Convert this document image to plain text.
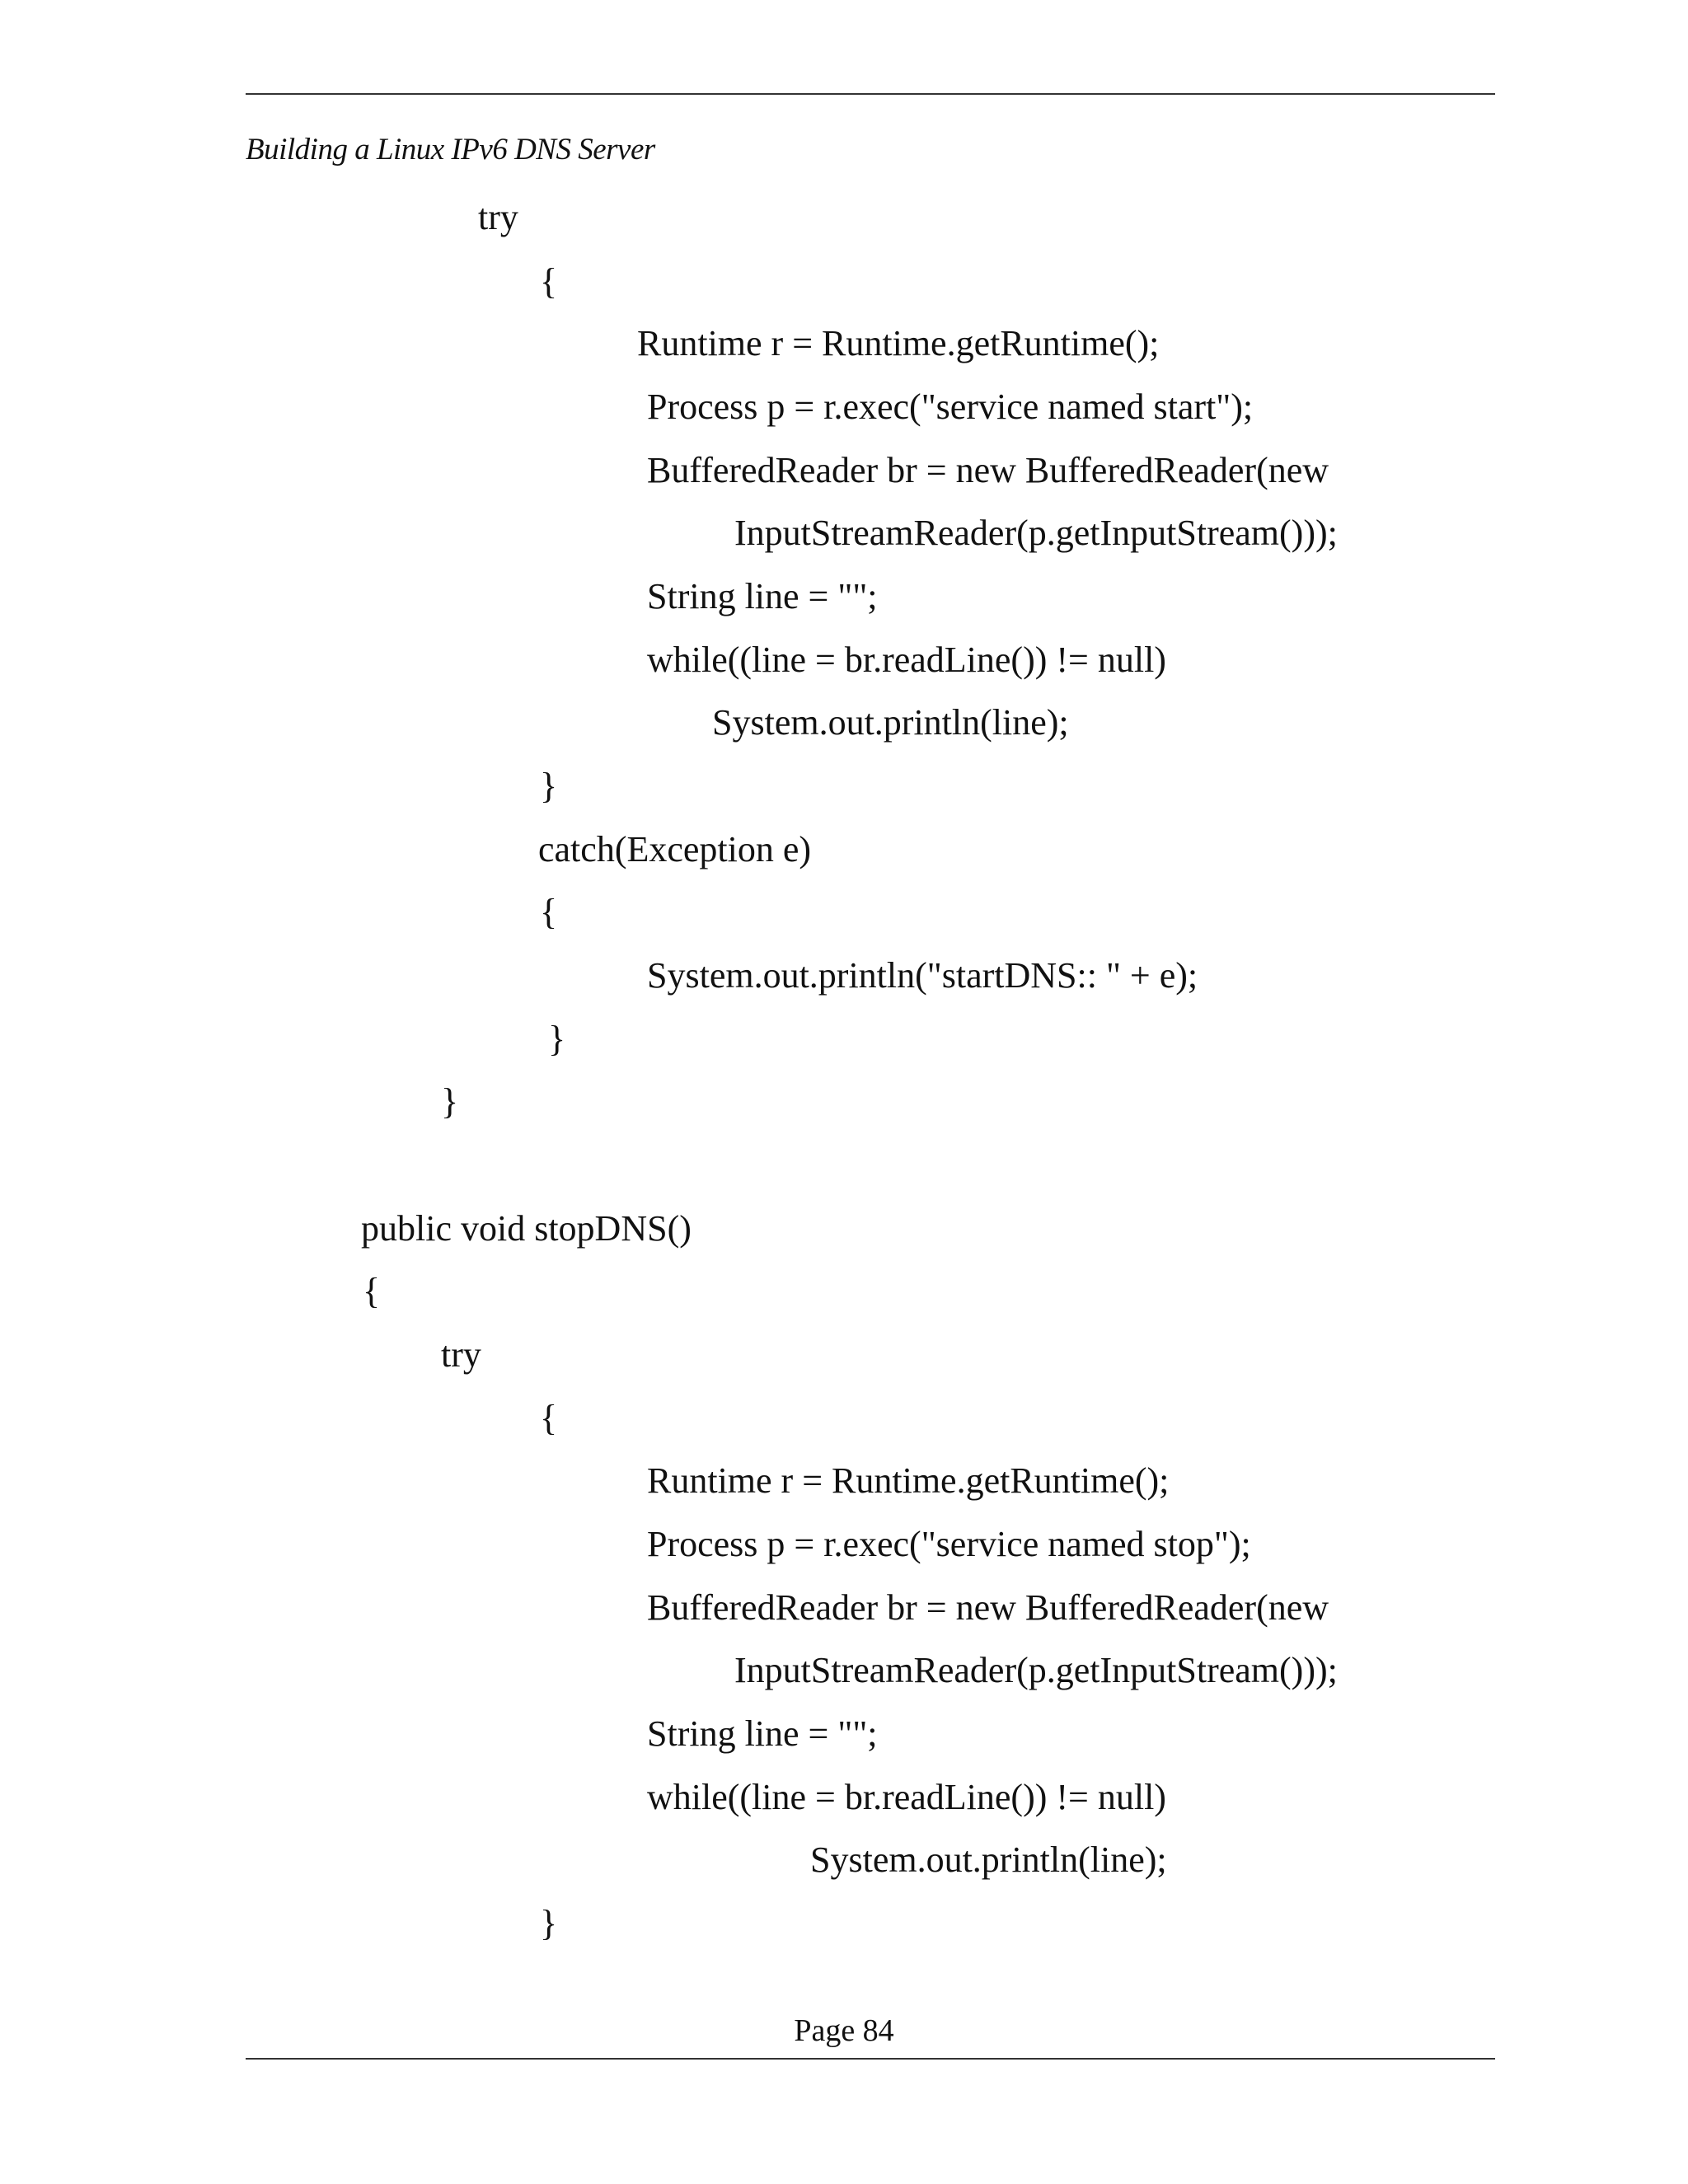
Building a Linux IPv6 DNS Server
try
{
Runtime r = Runtime.getRuntime();
Process p = r.exec("service named start");
BufferedReader br = new BufferedReader(new
InputStreamReader(p.getInputStream()));
String line = "";
while((line = br.readLine()) != null)
System.out.println(line);
}
catch(Exception e)
{
System.out.println("startDNS:: " + e);
}
}
public void stopDNS()
{
try
{
Runtime r = Runtime.getRuntime();
Process p = r.exec("service named stop");
BufferedReader br = new BufferedReader(new
InputStreamReader(p.getInputStream()));
String line = "";
while((line = br.readLine()) != null)
System.out.println(line);
}
Page 84
